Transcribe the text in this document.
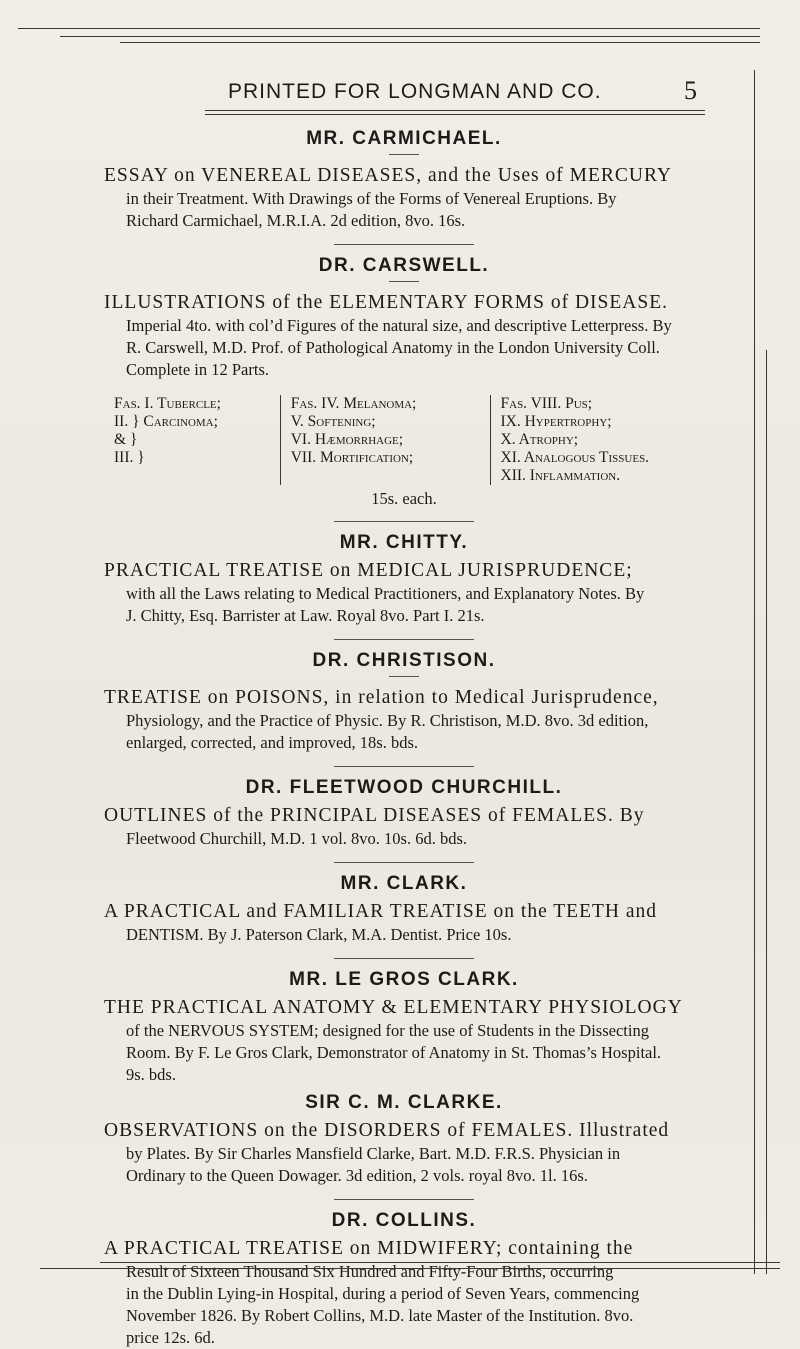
PRINTED FOR LONGMAN AND CO.	5
MR. CARMICHAEL.

ESSAY on VENEREAL DISEASES, and the Uses of MERCURY

in their Treatment. With Drawings of the Forms of Venereal Eruptions. By

Richard Carmichael, M.R.I.A. 2d edition, 8vo. 16s.

DR. CARSWELL.

ILLUSTRATIONS of the ELEMENTARY FORMS of DISEASE.

Imperial 4to. with col’d Figures of the natural size, and descriptive Letterpress. By

R. Carswell, M.D. Prof. of Pathological Anatomy in the London University Coll.

Complete in 12 Parts.

Fas. I. Tubercle;
II. } Carcinoma;
& }
III. }
Fas. IV. Melanoma;
V. Softening;
VI. Hæmorrhage;
VII. Mortification;
Fas. VIII. Pus;
IX. Hypertrophy;
X. Atrophy;
XI. Analogous Tissues.
XII. Inflammation.

15s. each.

MR. CHITTY.

PRACTICAL TREATISE on MEDICAL JURISPRUDENCE;

with all the Laws relating to Medical Practitioners, and Explanatory Notes. By

J. Chitty, Esq. Barrister at Law. Royal 8vo. Part I. 21s.

DR. CHRISTISON.

TREATISE on POISONS, in relation to Medical Jurisprudence,

Physiology, and the Practice of Physic. By R. Christison, M.D. 8vo. 3d edition,

enlarged, corrected, and improved, 18s. bds.

DR. FLEETWOOD CHURCHILL.

OUTLINES of the PRINCIPAL DISEASES of FEMALES. By

Fleetwood Churchill, M.D. 1 vol. 8vo. 10s. 6d. bds.

MR. CLARK.

A PRACTICAL and FAMILIAR TREATISE on the TEETH and

DENTISM. By J. Paterson Clark, M.A. Dentist. Price 10s.

MR. LE GROS CLARK.

THE PRACTICAL ANATOMY & ELEMENTARY PHYSIOLOGY

of the NERVOUS SYSTEM; designed for the use of Students in the Dissecting

Room. By F. Le Gros Clark, Demonstrator of Anatomy in St. Thomas’s Hospital.

9s. bds.

SIR C. M. CLARKE.

OBSERVATIONS on the DISORDERS of FEMALES. Illustrated

by Plates. By Sir Charles Mansfield Clarke, Bart. M.D. F.R.S. Physician in

Ordinary to the Queen Dowager. 3d edition, 2 vols. royal 8vo. 1l. 16s.

DR. COLLINS.

A PRACTICAL TREATISE on MIDWIFERY; containing the

Result of Sixteen Thousand Six Hundred and Fifty-Four Births, occurring

in the Dublin Lying-in Hospital, during a period of Seven Years, commencing

November 1826. By Robert Collins, M.D. late Master of the Institution. 8vo.

price 12s. 6d.
